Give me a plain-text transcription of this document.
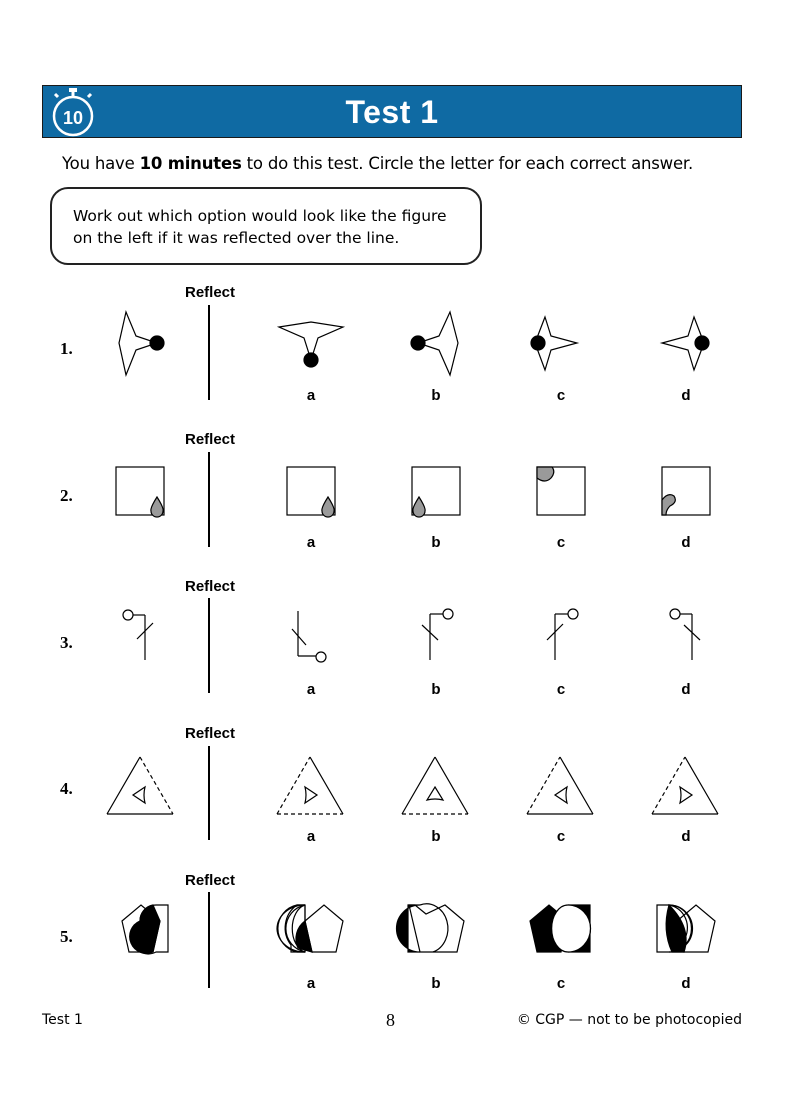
10	Test 1
You have 10 minutes to do this test. Circle the letter for each correct answer.
Work out which option would look like the figure
on the left if it was reflected over the line.
Reflect
1.
a	b	c	d
Reflect
2.
a	b	c	d
Reflect
3.
a	b	c	d
Reflect
4.
a	b	c	d
Reflect
5.
a	b	c	d
Test 1	8	© CGP — not to be photocopied
